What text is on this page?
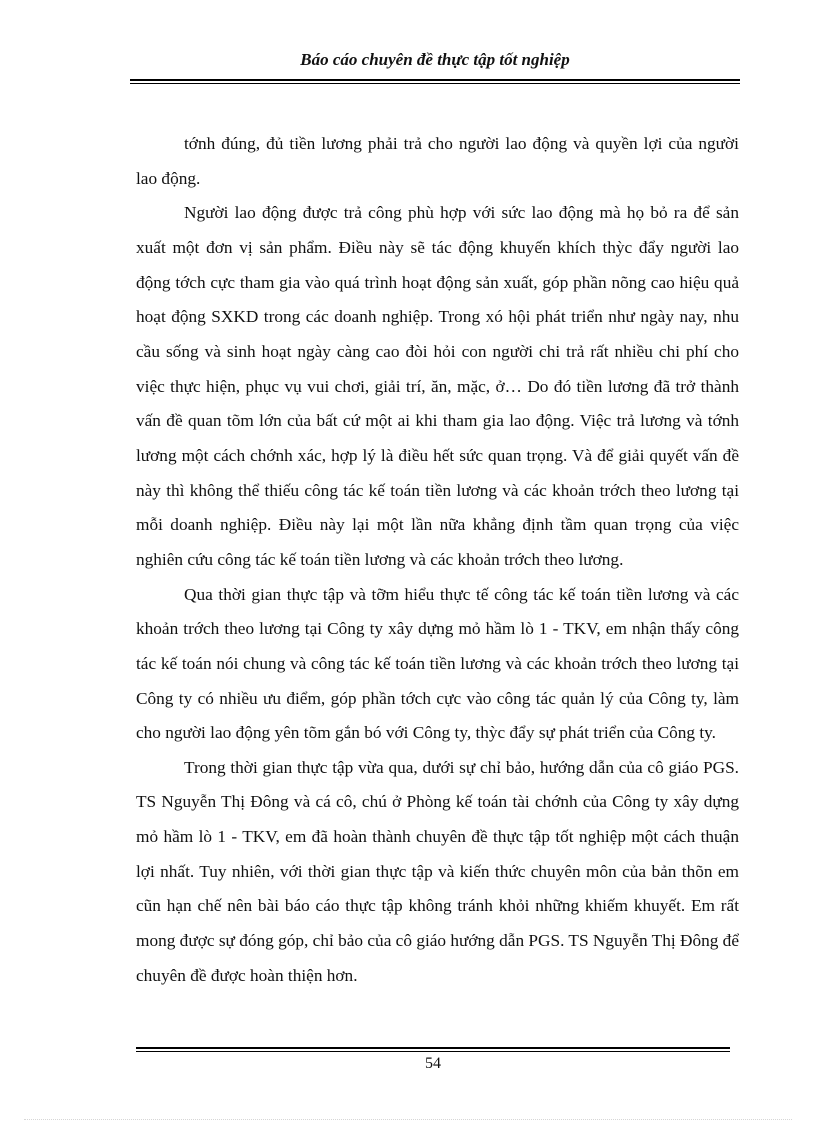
Báo cáo chuyên đề thực tập tốt nghiệp

tớnh đúng, đủ tiền lương phải trả cho người lao động và quyền lợi của người lao động.

Người lao động được trả công phù hợp với sức lao động mà họ bỏ ra để sản xuất một đơn vị sản phẩm. Điều này sẽ tác động khuyến khích thỳc đẩy người lao động tớch cực tham gia vào quá trình hoạt động sản xuất, góp phần nõng cao hiệu quả hoạt động SXKD trong các doanh nghiệp. Trong xó hội phát triển như ngày nay, nhu cầu sống và sinh hoạt ngày càng cao đòi hỏi con người chi trả rất nhiều chi phí cho việc thực hiện, phục vụ vui chơi, giải trí, ăn, mặc, ở… Do đó tiền lương đã trở thành vấn đề quan tõm lớn của bất cứ một ai khi tham gia lao động. Việc trả lương và tớnh lương một cách chớnh xác, hợp lý là điều hết sức quan trọng. Và để giải quyết vấn đề này thì không thể thiếu công tác kế toán tiền lương và các khoản trớch theo lương tại mỗi doanh nghiệp. Điều này lại một lần nữa khẳng định tầm quan trọng của việc nghiên cứu công tác kế toán tiền lương và các khoản trớch theo lương.

Qua thời gian thực tập và tỡm hiểu thực tế công tác kế toán tiền lương và các khoản trớch theo lương tại Công ty xây dựng mỏ hầm lò 1 - TKV, em nhận thấy công tác kế toán nói chung và công tác kế toán tiền lương và các khoản trớch theo lương tại Công ty có nhiều ưu điểm, góp phần tớch cực vào công tác quản lý của Công ty, làm cho người lao động yên tõm gắn bó với Công ty, thỳc đẩy sự phát triển của Công ty.

Trong thời gian thực tập vừa qua, dưới sự chỉ bảo, hướng dẫn của cô giáo PGS. TS Nguyễn Thị Đông và cá cô, chú ở Phòng kế toán tài chớnh của Công ty xây dựng mỏ hầm lò 1 - TKV, em đã hoàn thành chuyên đề thực tập tốt nghiệp một cách thuận lợi nhất. Tuy nhiên, với thời gian thực tập và kiến thức chuyên môn của bản thõn em cũn hạn chế nên bài báo cáo thực tập không tránh khỏi những khiếm khuyết. Em rất mong được sự đóng góp, chỉ bảo của cô giáo hướng dẫn PGS. TS Nguyễn Thị Đông để chuyên đề được hoàn thiện hơn.

54
